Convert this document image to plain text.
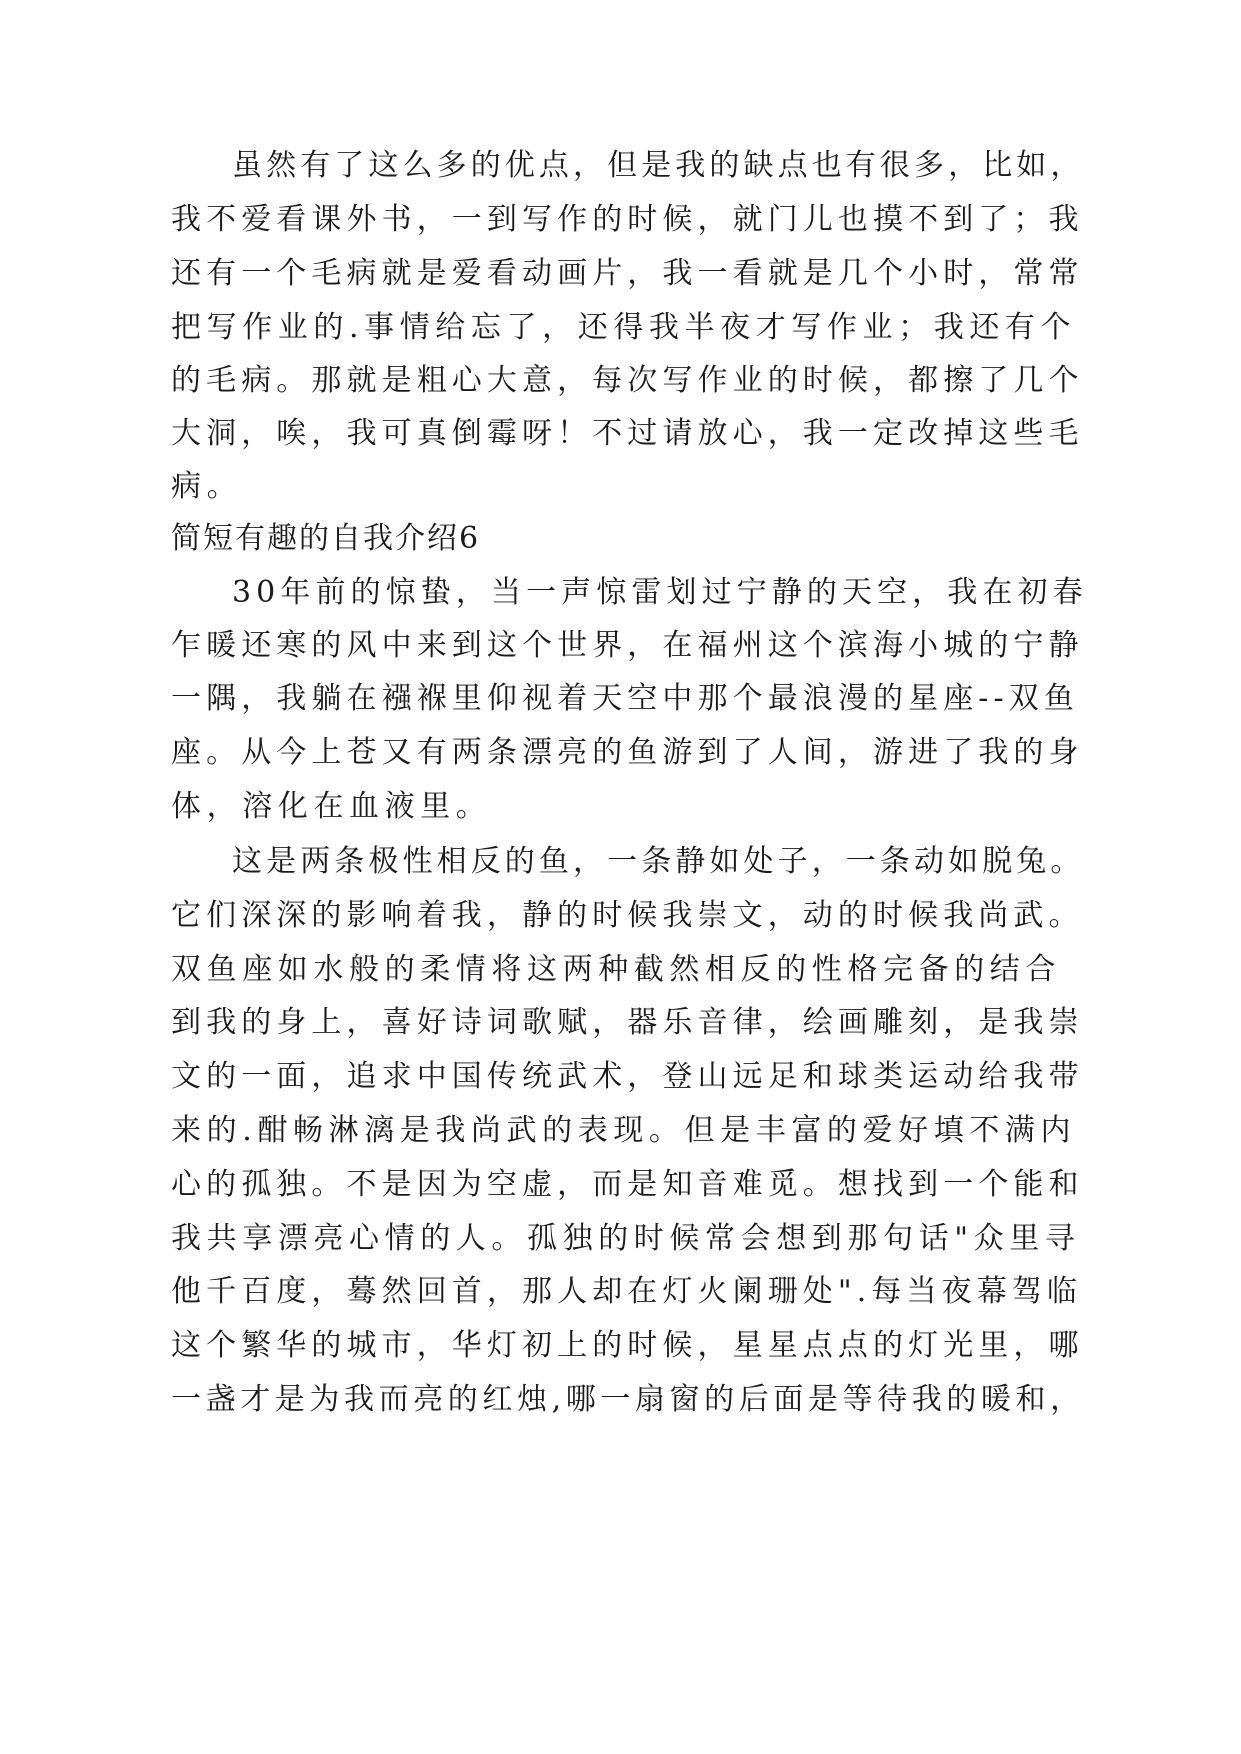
虽然有了这么多的优点，但是我的缺点也有很多，比如，
我不爱看课外书，一到写作的时候，就门儿也摸不到了；我
还有一个毛病就是爱看动画片，我一看就是几个小时，常常
把写作业的.事情给忘了，还得我半夜才写作业；我还有个
的毛病。那就是粗心大意，每次写作业的时候，都擦了几个
大洞，唉，我可真倒霉呀！不过请放心，我一定改掉这些毛
病。
简短有趣的自我介绍6
30年前的惊蛰，当一声惊雷划过宁静的天空，我在初春
乍暖还寒的风中来到这个世界，在福州这个滨海小城的宁静
一隅，我躺在襁褓里仰视着天空中那个最浪漫的星座--双鱼
座。从今上苍又有两条漂亮的鱼游到了人间，游进了我的身
体，溶化在血液里。
这是两条极性相反的鱼，一条静如处子，一条动如脱兔。
它们深深的影响着我，静的时候我崇文，动的时候我尚武。
双鱼座如水般的柔情将这两种截然相反的性格完备的结合
到我的身上，喜好诗词歌赋，器乐音律，绘画雕刻，是我崇
文的一面，追求中国传统武术，登山远足和球类运动给我带
来的.酣畅淋漓是我尚武的表现。但是丰富的爱好填不满内
心的孤独。不是因为空虚，而是知音难觅。想找到一个能和
我共享漂亮心情的人。孤独的时候常会想到那句话"众里寻
他千百度，蓦然回首，那人却在灯火阑珊处".每当夜幕驾临
这个繁华的城市，华灯初上的时候，星星点点的灯光里，哪
一盏才是为我而亮的红烛,哪一扇窗的后面是等待我的暖和，
